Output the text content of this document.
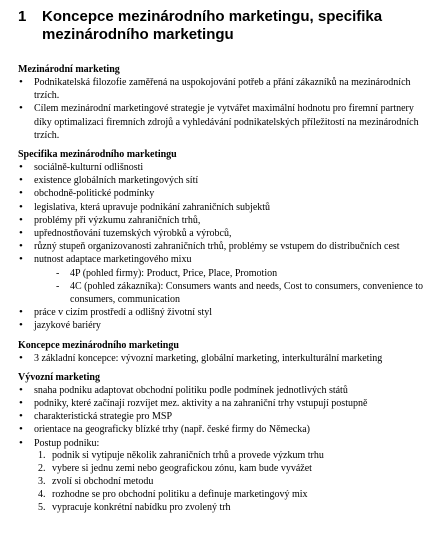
1	Koncepce mezinárodního marketingu, specifika mezinárodního marketingu

Mezinárodní marketing

• Podnikatelská filozofie zaměřená na uspokojování potřeb a přání zákazníků na mezinárodních trzích.
• Cílem mezinárodní marketingové strategie je vytvářet maximální hodnotu pro firemní partnery díky optimalizaci firemních zdrojů a vyhledávání podnikatelských příležitostí na mezinárodních trzích.

Specifika mezinárodního marketingu

• sociálně-kulturní odlišnosti
• existence globálních marketingových sítí
• obchodně-politické podmínky
• legislativa, která upravuje podnikání zahraničních subjektů
• problémy při výzkumu zahraničních trhů,
• upřednostňování tuzemských výrobků a výrobců,
• různý stupeň organizovanosti zahraničních trhů, problémy se vstupem do distribučních cest
• nutnost adaptace marketingového mixu
- 4P (pohled firmy): Product, Price, Place, Promotion
- 4C (pohled zákazníka): Consumers wants and needs, Cost to consumers, convenience to consumers, communication
• práce v cizím prostředí a odlišný životní styl
• jazykové bariéry

Koncepce mezinárodního marketingu

• 3 základní koncepce: vývozní marketing, globální marketing, interkulturální marketing

Vývozní marketing

• snaha podniku adaptovat obchodní politiku podle podmínek jednotlivých států
• podniky, které začínají rozvíjet mez. aktivity a na zahraniční trhy vstupují postupně
• charakteristická strategie pro MSP
• orientace na geograficky blízké trhy (např. české firmy do Německa)
• Postup podniku:
1. podnik si vytipuje několik zahraničních trhů a provede výzkum trhu
2. vybere si jednu zemi nebo geografickou zónu, kam bude vyvážet
3. zvolí si obchodní metodu
4. rozhodne se pro obchodní politiku a definuje marketingový mix
5. vypracuje konkrétní nabídku pro zvolený trh
